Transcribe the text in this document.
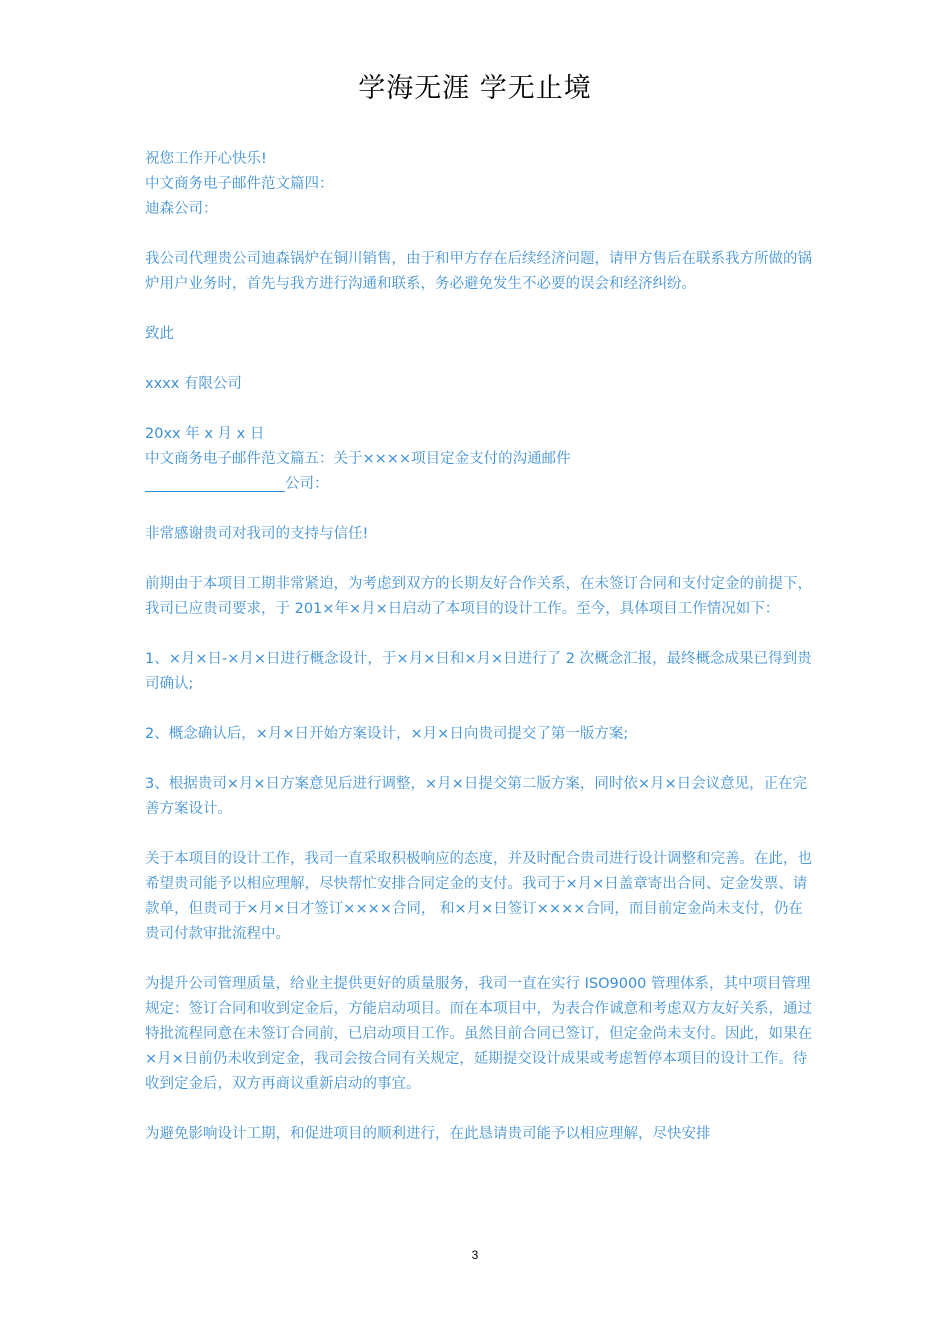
学海无涯 学无止境

祝您工作开心快乐!

中文商务电子邮件范文篇四：

迪森公司：

我公司代理贵公司迪森锅炉在铜川销售，由于和甲方存在后续经济问题，请甲方售后在联系我方所做的锅炉用户业务时，首先与我方进行沟通和联系，务必避免发生不必要的误会和经济纠纷。

致此

xxxx 有限公司

20xx 年 x 月 x 日

中文商务电子邮件范文篇五：关于××××项目定金支付的沟通邮件

公司：

非常感谢贵司对我司的支持与信任!

前期由于本项目工期非常紧迫，为考虑到双方的长期友好合作关系，在未签订合同和支付定金的前提下，我司已应贵司要求，于 201×年×月×日启动了本项目的设计工作。至今，具体项目工作情况如下：

1、×月×日-×月×日进行概念设计，于×月×日和×月×日进行了 2 次概念汇报，最终概念成果已得到贵司确认;

2、概念确认后，×月×日开始方案设计，×月×日向贵司提交了第一版方案;

3、根据贵司×月×日方案意见后进行调整，×月×日提交第二版方案，同时依×月×日会议意见，正在完善方案设计。

关于本项目的设计工作，我司一直采取积极响应的态度，并及时配合贵司进行设计调整和完善。在此，也希望贵司能予以相应理解，尽快帮忙安排合同定金的支付。我司于×月×日盖章寄出合同、定金发票、请款单，但贵司于×月×日才签订××××合同， 和×月×日签订××××合同，而目前定金尚未支付，仍在贵司付款审批流程中。

为提升公司管理质量，给业主提供更好的质量服务，我司一直在实行 ISO9000 管理体系，其中项目管理规定：签订合同和收到定金后，方能启动项目。而在本项目中，为表合作诚意和考虑双方友好关系，通过特批流程同意在未签订合同前，已启动项目工作。虽然目前合同已签订，但定金尚未支付。因此，如果在×月×日前仍未收到定金，我司会按合同有关规定，延期提交设计成果或考虑暂停本项目的设计工作。待收到定金后，双方再商议重新启动的事宜。

为避免影响设计工期，和促进项目的顺利进行，在此恳请贵司能予以相应理解，尽快安排

3
